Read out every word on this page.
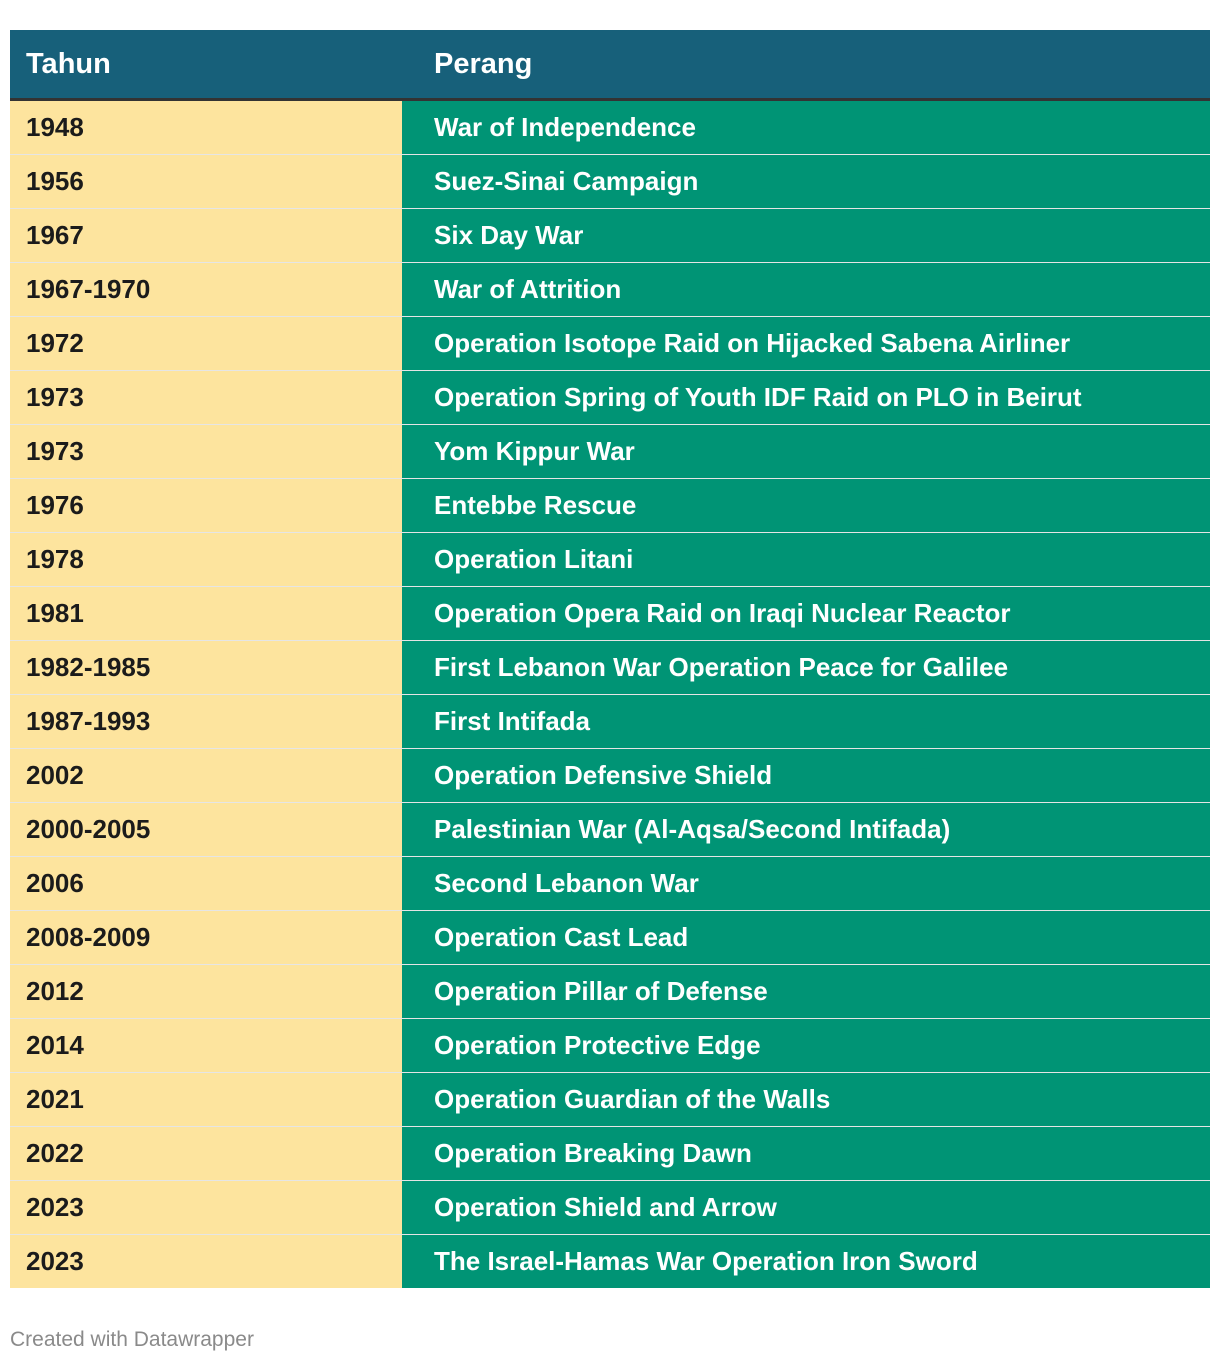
Tahun	Perang
1948	War of Independence
1956	Suez-Sinai Campaign
1967	Six Day War
1967-1970	War of Attrition
1972	Operation Isotope Raid on Hijacked Sabena Airliner
1973	Operation Spring of Youth IDF Raid on PLO in Beirut
1973	Yom Kippur War
1976	Entebbe Rescue
1978	Operation Litani
1981	Operation Opera Raid on Iraqi Nuclear Reactor
1982-1985	First Lebanon War Operation Peace for Galilee
1987-1993	First Intifada
2002	Operation Defensive Shield
2000-2005	Palestinian War (Al-Aqsa/Second Intifada)
2006	Second Lebanon War
2008-2009	Operation Cast Lead
2012	Operation Pillar of Defense
2014	Operation Protective Edge
2021	Operation Guardian of the Walls
2022	Operation Breaking Dawn
2023	Operation Shield and Arrow
2023	The Israel-Hamas War Operation Iron Sword
Created with Datawrapper
